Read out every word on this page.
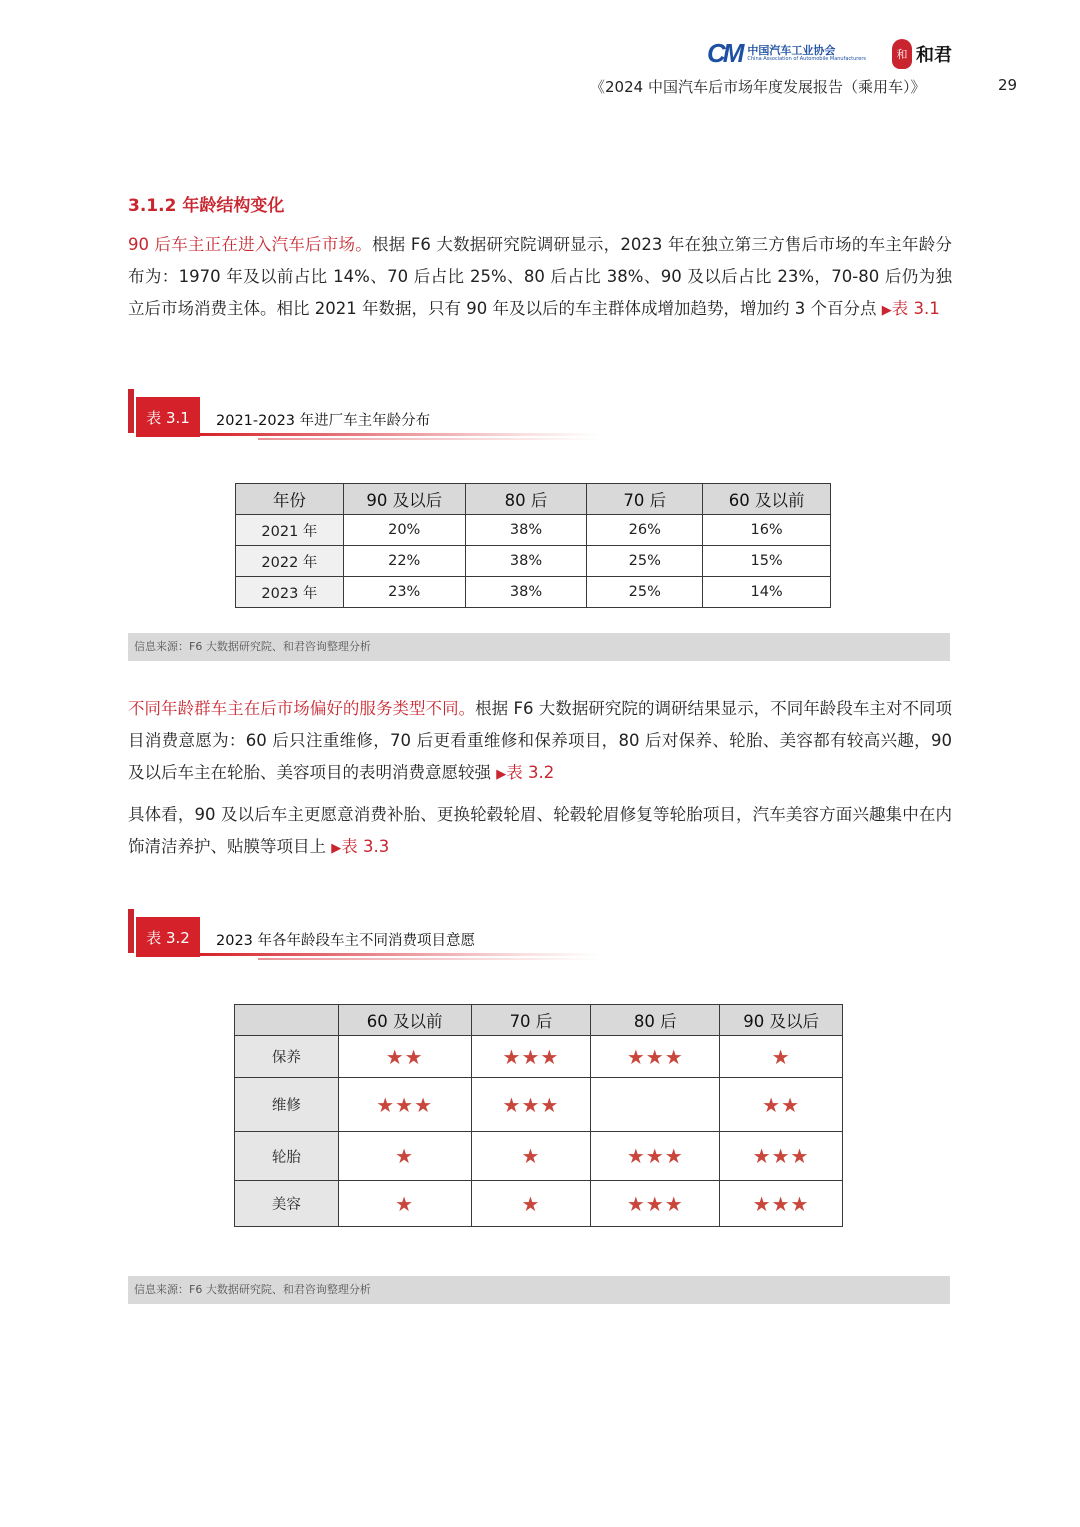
CM 中国汽车工业协会
China Association of Automobile Manufacturers	和 和君
《2024 中国汽车后市场年度发展报告（乘用车）》	29
3.1.2 年龄结构变化

90 后车主正在进入汽车后市场。根据 F6 大数据研究院调研显示，2023 年在独立第三方售后市场的车主年龄分布为：1970 年及以前占比 14%、70 后占比 25%、80 后占比 38%、90 及以后占比 23%，70-80 后仍为独立后市场消费主体。相比 2021 年数据，只有 90 年及以后的车主群体成增加趋势，增加约 3 个百分点 ▶表 3.1

表 3.1	2021-2023 年进厂车主年龄分布
年份	90 及以后	80 后	70 后	60 及以前
2021 年	20%	38%	26%	16%
2022 年	22%	38%	25%	15%
2023 年	23%	38%	25%	14%
信息来源：F6 大数据研究院、和君咨询整理分析

不同年龄群车主在后市场偏好的服务类型不同。根据 F6 大数据研究院的调研结果显示，不同年龄段车主对不同项目消费意愿为：60 后只注重维修，70 后更看重维修和保养项目，80 后对保养、轮胎、美容都有较高兴趣，90 及以后车主在轮胎、美容项目的表明消费意愿较强 ▶表 3.2

具体看，90 及以后车主更愿意消费补胎、更换轮毂轮眉、轮毂轮眉修复等轮胎项目，汽车美容方面兴趣集中在内饰清洁养护、贴膜等项目上 ▶表 3.3

表 3.2	2023 年各年龄段车主不同消费项目意愿
	60 及以前	70 后	80 后	90 及以后
保养	★★	★★★	★★★	★
维修	★★★	★★★		★★
轮胎	★	★	★★★	★★★
美容	★	★	★★★	★★★
信息来源：F6 大数据研究院、和君咨询整理分析
